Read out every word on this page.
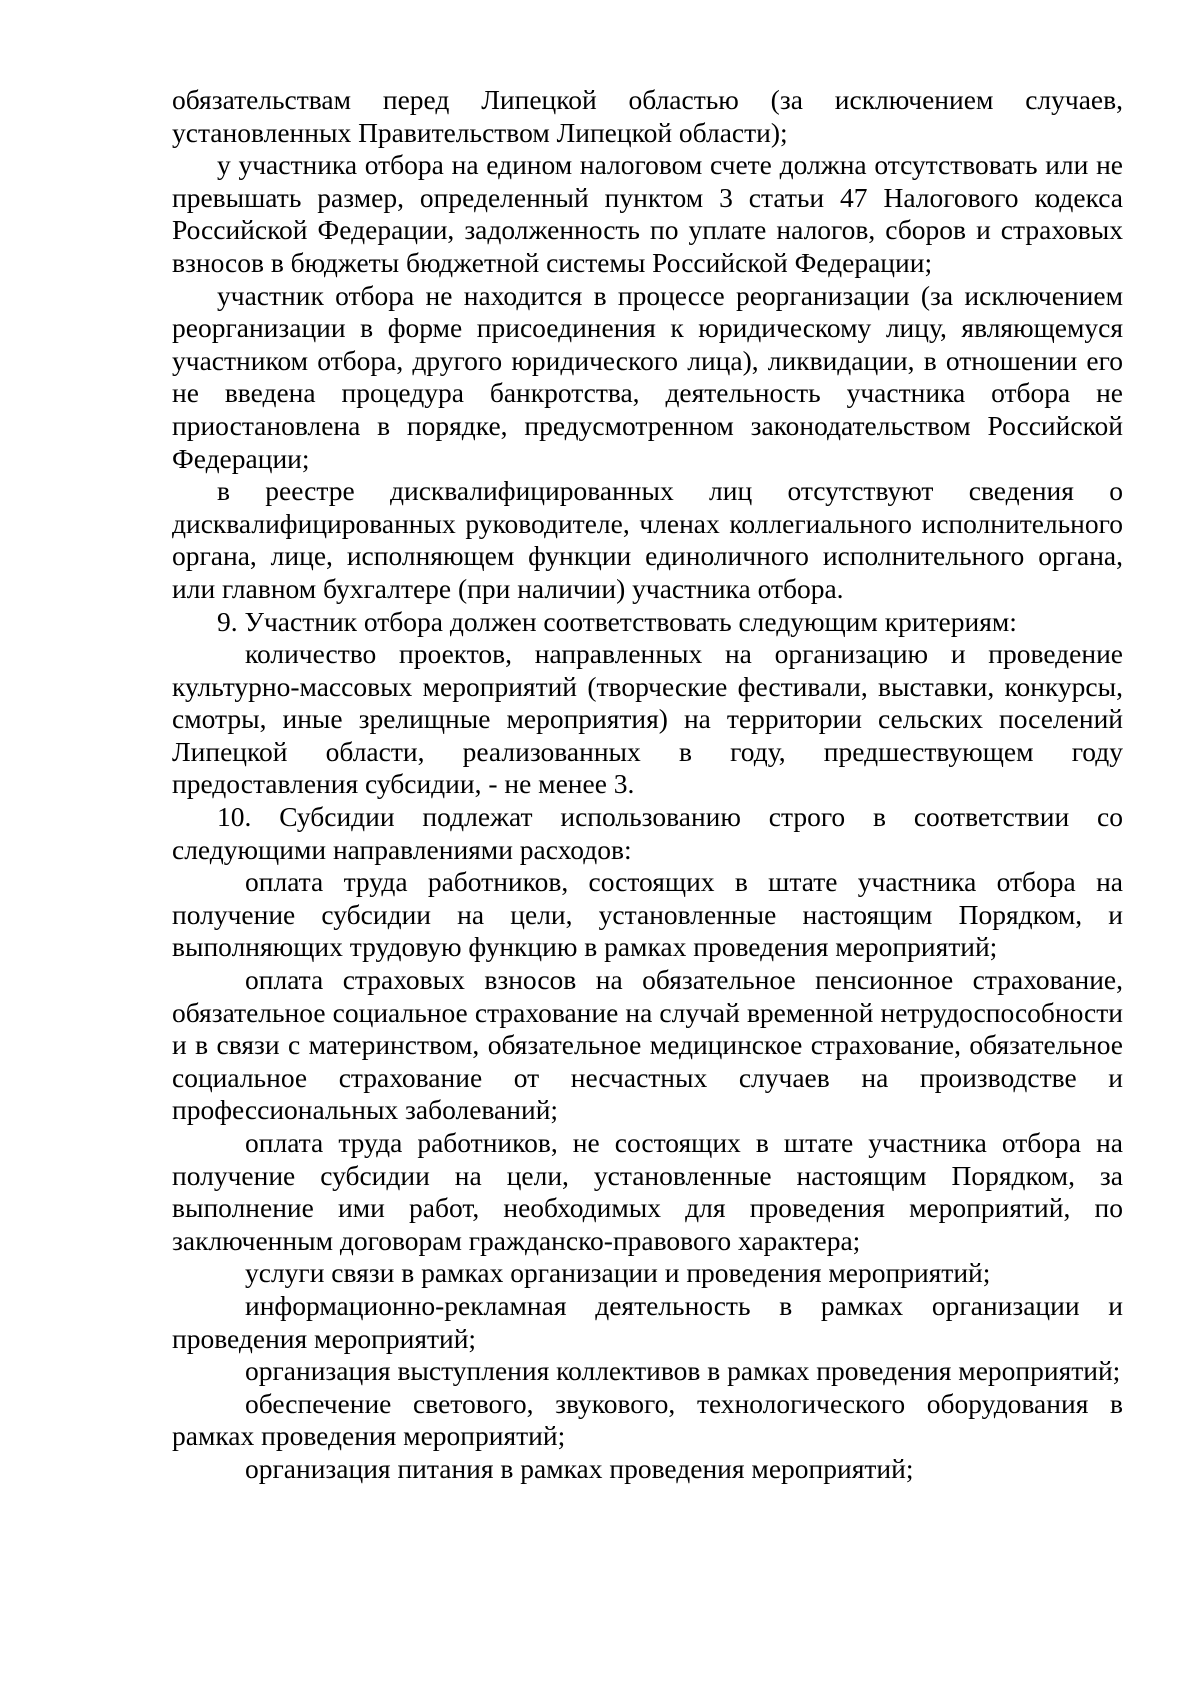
обязательствам перед Липецкой областью (за исключением случаев, установленных Правительством Липецкой области);

у участника отбора на едином налоговом счете должна отсутствовать или не превышать размер, определенный пунктом 3 статьи 47 Налогового кодекса Российской Федерации, задолженность по уплате налогов, сборов и страховых взносов в бюджеты бюджетной системы Российской Федерации;

участник отбора не находится в процессе реорганизации (за исключением реорганизации в форме присоединения к юридическому лицу, являющемуся участником отбора, другого юридического лица), ликвидации, в отношении его не введена процедура банкротства, деятельность участника отбора не приостановлена в порядке, предусмотренном законодательством Российской Федерации;

в реестре дисквалифицированных лиц отсутствуют сведения о дисквалифицированных руководителе, членах коллегиального исполнительного органа, лице, исполняющем функции единоличного исполнительного органа, или главном бухгалтере (при наличии) участника отбора.

9. Участник отбора должен соответствовать следующим критериям:

количество проектов, направленных на организацию и проведение культурно-массовых мероприятий (творческие фестивали, выставки, конкурсы, смотры, иные зрелищные мероприятия) на территории сельских поселений Липецкой области, реализованных в году, предшествующем году предоставления субсидии, - не менее 3.

10. Субсидии подлежат использованию строго в соответствии со следующими направлениями расходов:

оплата труда работников, состоящих в штате участника отбора на получение субсидии на цели, установленные настоящим Порядком, и выполняющих трудовую функцию в рамках проведения мероприятий;

оплата страховых взносов на обязательное пенсионное страхование, обязательное социальное страхование на случай временной нетрудоспособности и в связи с материнством, обязательное медицинское страхование, обязательное социальное страхование от несчастных случаев на производстве и профессиональных заболеваний;

оплата труда работников, не состоящих в штате участника отбора на получение субсидии на цели, установленные настоящим Порядком, за выполнение ими работ, необходимых для проведения мероприятий, по заключенным договорам гражданско-правового характера;

услуги связи в рамках организации и проведения мероприятий;

информационно-рекламная деятельность в рамках организации и проведения мероприятий;

организация выступления коллективов в рамках проведения мероприятий;

обеспечение светового, звукового, технологического оборудования в рамках проведения мероприятий;

организация питания в рамках проведения мероприятий;
